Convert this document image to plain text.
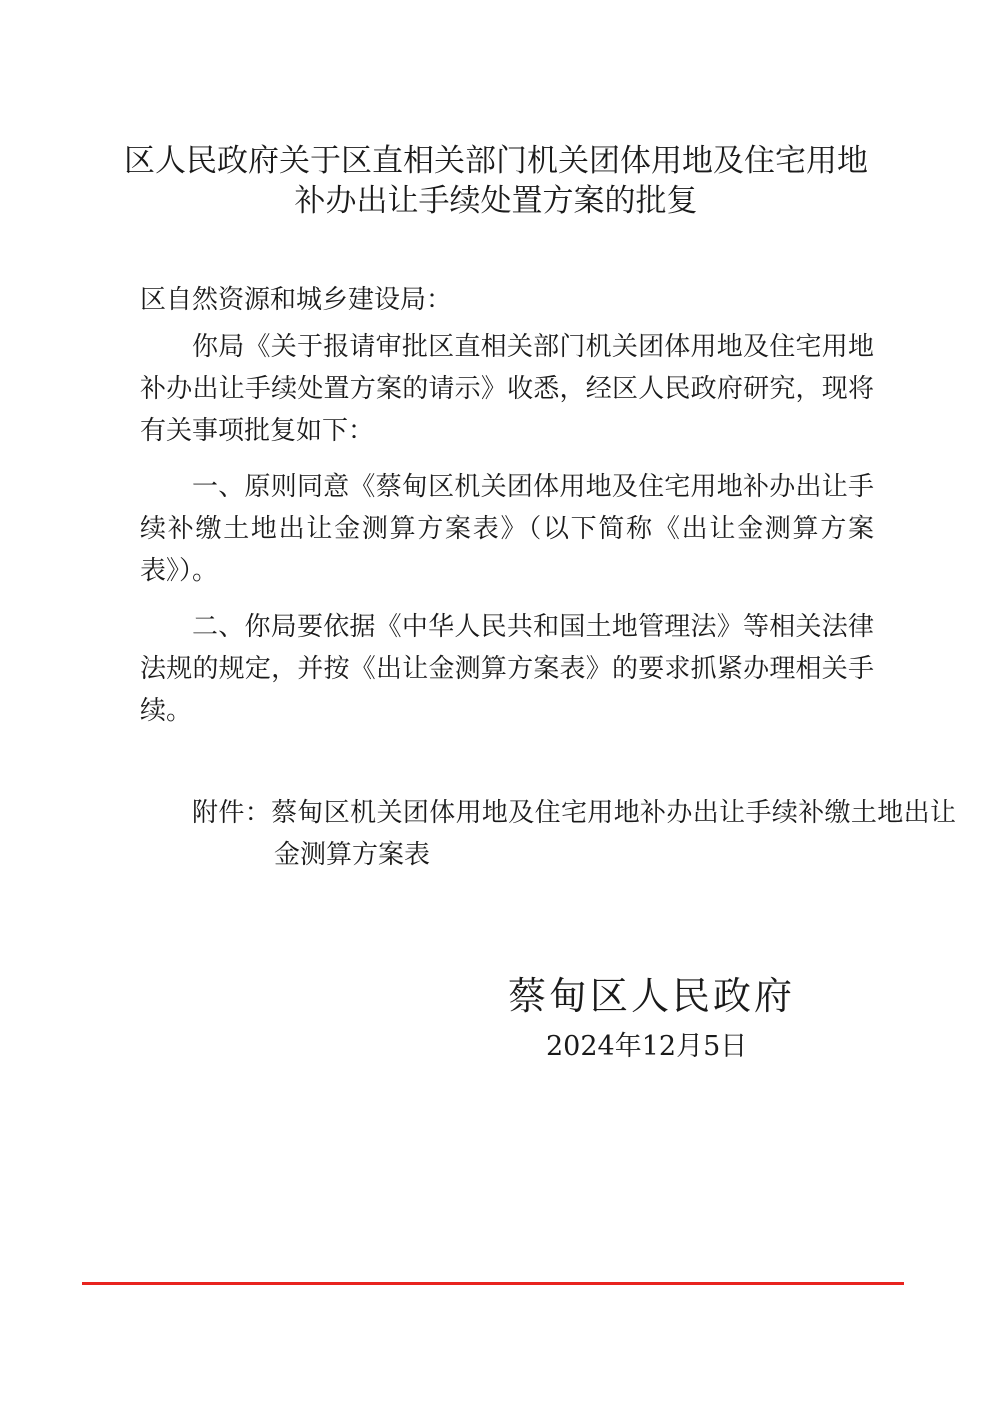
区人民政府关于区直相关部门机关团体用地及住宅用地
补办出让手续处置方案的批复

区自然资源和城乡建设局：

你局《关于报请审批区直相关部门机关团体用地及住宅用地补办出让手续处置方案的请示》收悉，经区人民政府研究，现将有关事项批复如下：

一、原则同意《蔡甸区机关团体用地及住宅用地补办出让手续补缴土地出让金测算方案表》（以下简称《出让金测算方案表》）。

二、你局要依据《中华人民共和国土地管理法》等相关法律法规的规定，并按《出让金测算方案表》的要求抓紧办理相关手续。

附件：蔡甸区机关团体用地及住宅用地补办出让手续补缴土地出让金测算方案表

蔡甸区人民政府

2024年12月5日
